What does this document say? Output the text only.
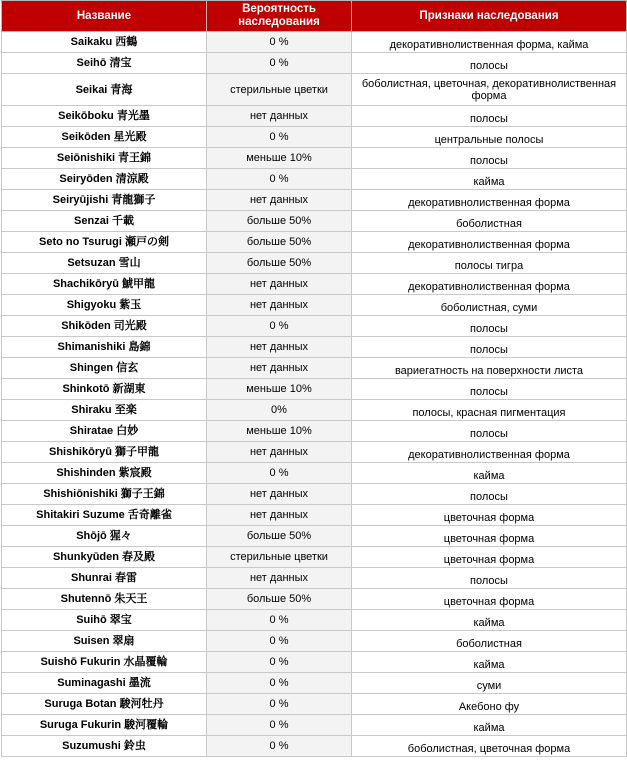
Название	Вероятность наследования	Признаки наследования
Saikaku 西鶴	0 %	декоративнолиственная форма, кайма
Seihō 清宝	0 %	полосы
Seikai 青海	стерильные цветки	боболистная, цветочная, декоративнолиственная форма
Seikōboku 青光墨	нет данных	полосы
Seikōden 星光殿	0 %	центральные полосы
Seiōnishiki 青王錦	меньше 10%	полосы
Seiryōden 清涼殿	0 %	кайма
Seiryūjishi 青龍獅子	нет данных	декоративнолиственная форма
Senzai 千載	больше 50%	боболистная
Seto no Tsurugi 瀬戸の剣	больше 50%	декоративнолиственная форма
Setsuzan 雪山	больше 50%	полосы тигра
Shachikōryū 鯱甲龍	нет данных	декоративнолиственная форма
Shigyoku 紫玉	нет данных	боболистная, суми
Shikōden 司光殿	0 %	полосы
Shimanishiki 島錦	нет данных	полосы
Shingen 信玄	нет данных	вариегатность на поверхности листа
Shinkotō 新湖東	меньше 10%	полосы
Shiraku 至楽	0%	полосы, красная пигментация
Shiratae 白妙	меньше 10%	полосы
Shishikōryū 獅子甲龍	нет данных	декоративнолиственная форма
Shishinden 紫宸殿	0 %	кайма
Shishiōnishiki 獅子王錦	нет данных	полосы
Shitakiri Suzume 舌奇離雀	нет данных	цветочная форма
Shōjō 猩々	больше 50%	цветочная форма
Shunkyūden 春及殿	стерильные цветки	цветочная форма
Shunrai 春雷	нет данных	полосы
Shutennō 朱天王	больше 50%	цветочная форма
Suihō 翠宝	0 %	кайма
Suisen 翠扇	0 %	боболистная
Suishō Fukurin 水晶覆輪	0 %	кайма
Suminagashi 墨流	0 %	суми
Suruga Botan 駿河牡丹	0 %	Акебоно фу
Suruga Fukurin 駿河覆輪	0 %	кайма
Suzumushi 鈴虫	0 %	боболистная, цветочная форма
